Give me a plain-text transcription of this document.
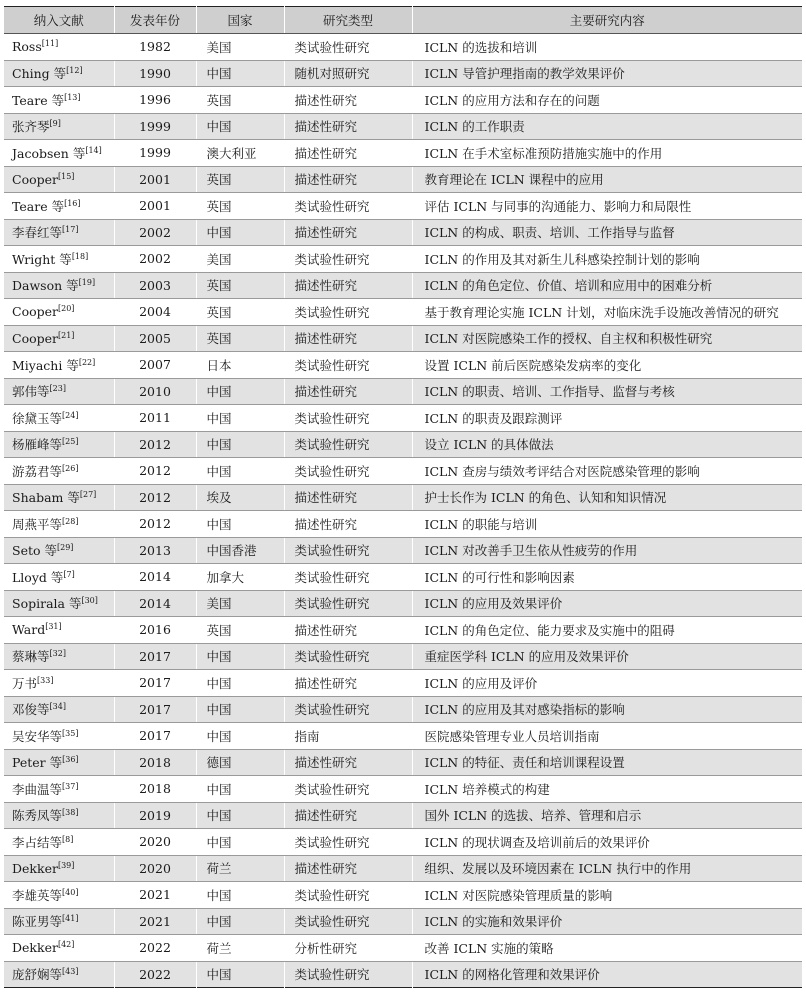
纳入文献	发表年份	国家	研究类型	主要研究内容
Ross[11]	1982	美国	类试验性研究	ICLN 的选拔和培训
Ching 等[12]	1990	中国	随机对照研究	ICLN 导管护理指南的教学效果评价
Teare 等[13]	1996	英国	描述性研究	ICLN 的应用方法和存在的问题
张齐琴[9]	1999	中国	描述性研究	ICLN 的工作职责
Jacobsen 等[14]	1999	澳大利亚	描述性研究	ICLN 在手术室标准预防措施实施中的作用
Cooper[15]	2001	英国	描述性研究	教育理论在 ICLN 课程中的应用
Teare 等[16]	2001	英国	类试验性研究	评估 ICLN 与同事的沟通能力、影响力和局限性
李春红等[17]	2002	中国	描述性研究	ICLN 的构成、职责、培训、工作指导与监督
Wright 等[18]	2002	美国	类试验性研究	ICLN 的作用及其对新生儿科感染控制计划的影响
Dawson 等[19]	2003	英国	描述性研究	ICLN 的角色定位、价值、培训和应用中的困难分析
Cooper[20]	2004	英国	类试验性研究	基于教育理论实施 ICLN 计划，对临床洗手设施改善情况的研究
Cooper[21]	2005	英国	描述性研究	ICLN 对医院感染工作的授权、自主权和积极性研究
Miyachi 等[22]	2007	日本	类试验性研究	设置 ICLN 前后医院感染发病率的变化
郭伟等[23]	2010	中国	描述性研究	ICLN 的职责、培训、工作指导、监督与考核
徐黛玉等[24]	2011	中国	类试验性研究	ICLN 的职责及跟踪测评
杨雁峰等[25]	2012	中国	类试验性研究	设立 ICLN 的具体做法
游荔君等[26]	2012	中国	类试验性研究	ICLN 查房与绩效考评结合对医院感染管理的影响
Shabam 等[27]	2012	埃及	描述性研究	护士长作为 ICLN 的角色、认知和知识情况
周燕平等[28]	2012	中国	描述性研究	ICLN 的职能与培训
Seto 等[29]	2013	中国香港	类试验性研究	ICLN 对改善手卫生依从性疲劳的作用
Lloyd 等[7]	2014	加拿大	类试验性研究	ICLN 的可行性和影响因素
Sopirala 等[30]	2014	美国	类试验性研究	ICLN 的应用及效果评价
Ward[31]	2016	英国	描述性研究	ICLN 的角色定位、能力要求及实施中的阻碍
蔡琳等[32]	2017	中国	类试验性研究	重症医学科 ICLN 的应用及效果评价
万书[33]	2017	中国	描述性研究	ICLN 的应用及评价
邓俊等[34]	2017	中国	类试验性研究	ICLN 的应用及其对感染指标的影响
吴安华等[35]	2017	中国	指南	医院感染管理专业人员培训指南
Peter 等[36]	2018	德国	描述性研究	ICLN 的特征、责任和培训课程设置
李曲温等[37]	2018	中国	类试验性研究	ICLN 培养模式的构建
陈秀凤等[38]	2019	中国	描述性研究	国外 ICLN 的选拔、培养、管理和启示
李占结等[8]	2020	中国	类试验性研究	ICLN 的现状调查及培训前后的效果评价
Dekker[39]	2020	荷兰	描述性研究	组织、发展以及环境因素在 ICLN 执行中的作用
李雄英等[40]	2021	中国	类试验性研究	ICLN 对医院感染管理质量的影响
陈亚男等[41]	2021	中国	类试验性研究	ICLN 的实施和效果评价
Dekker[42]	2022	荷兰	分析性研究	改善 ICLN 实施的策略
庞舒娴等[43]	2022	中国	类试验性研究	ICLN 的网格化管理和效果评价
